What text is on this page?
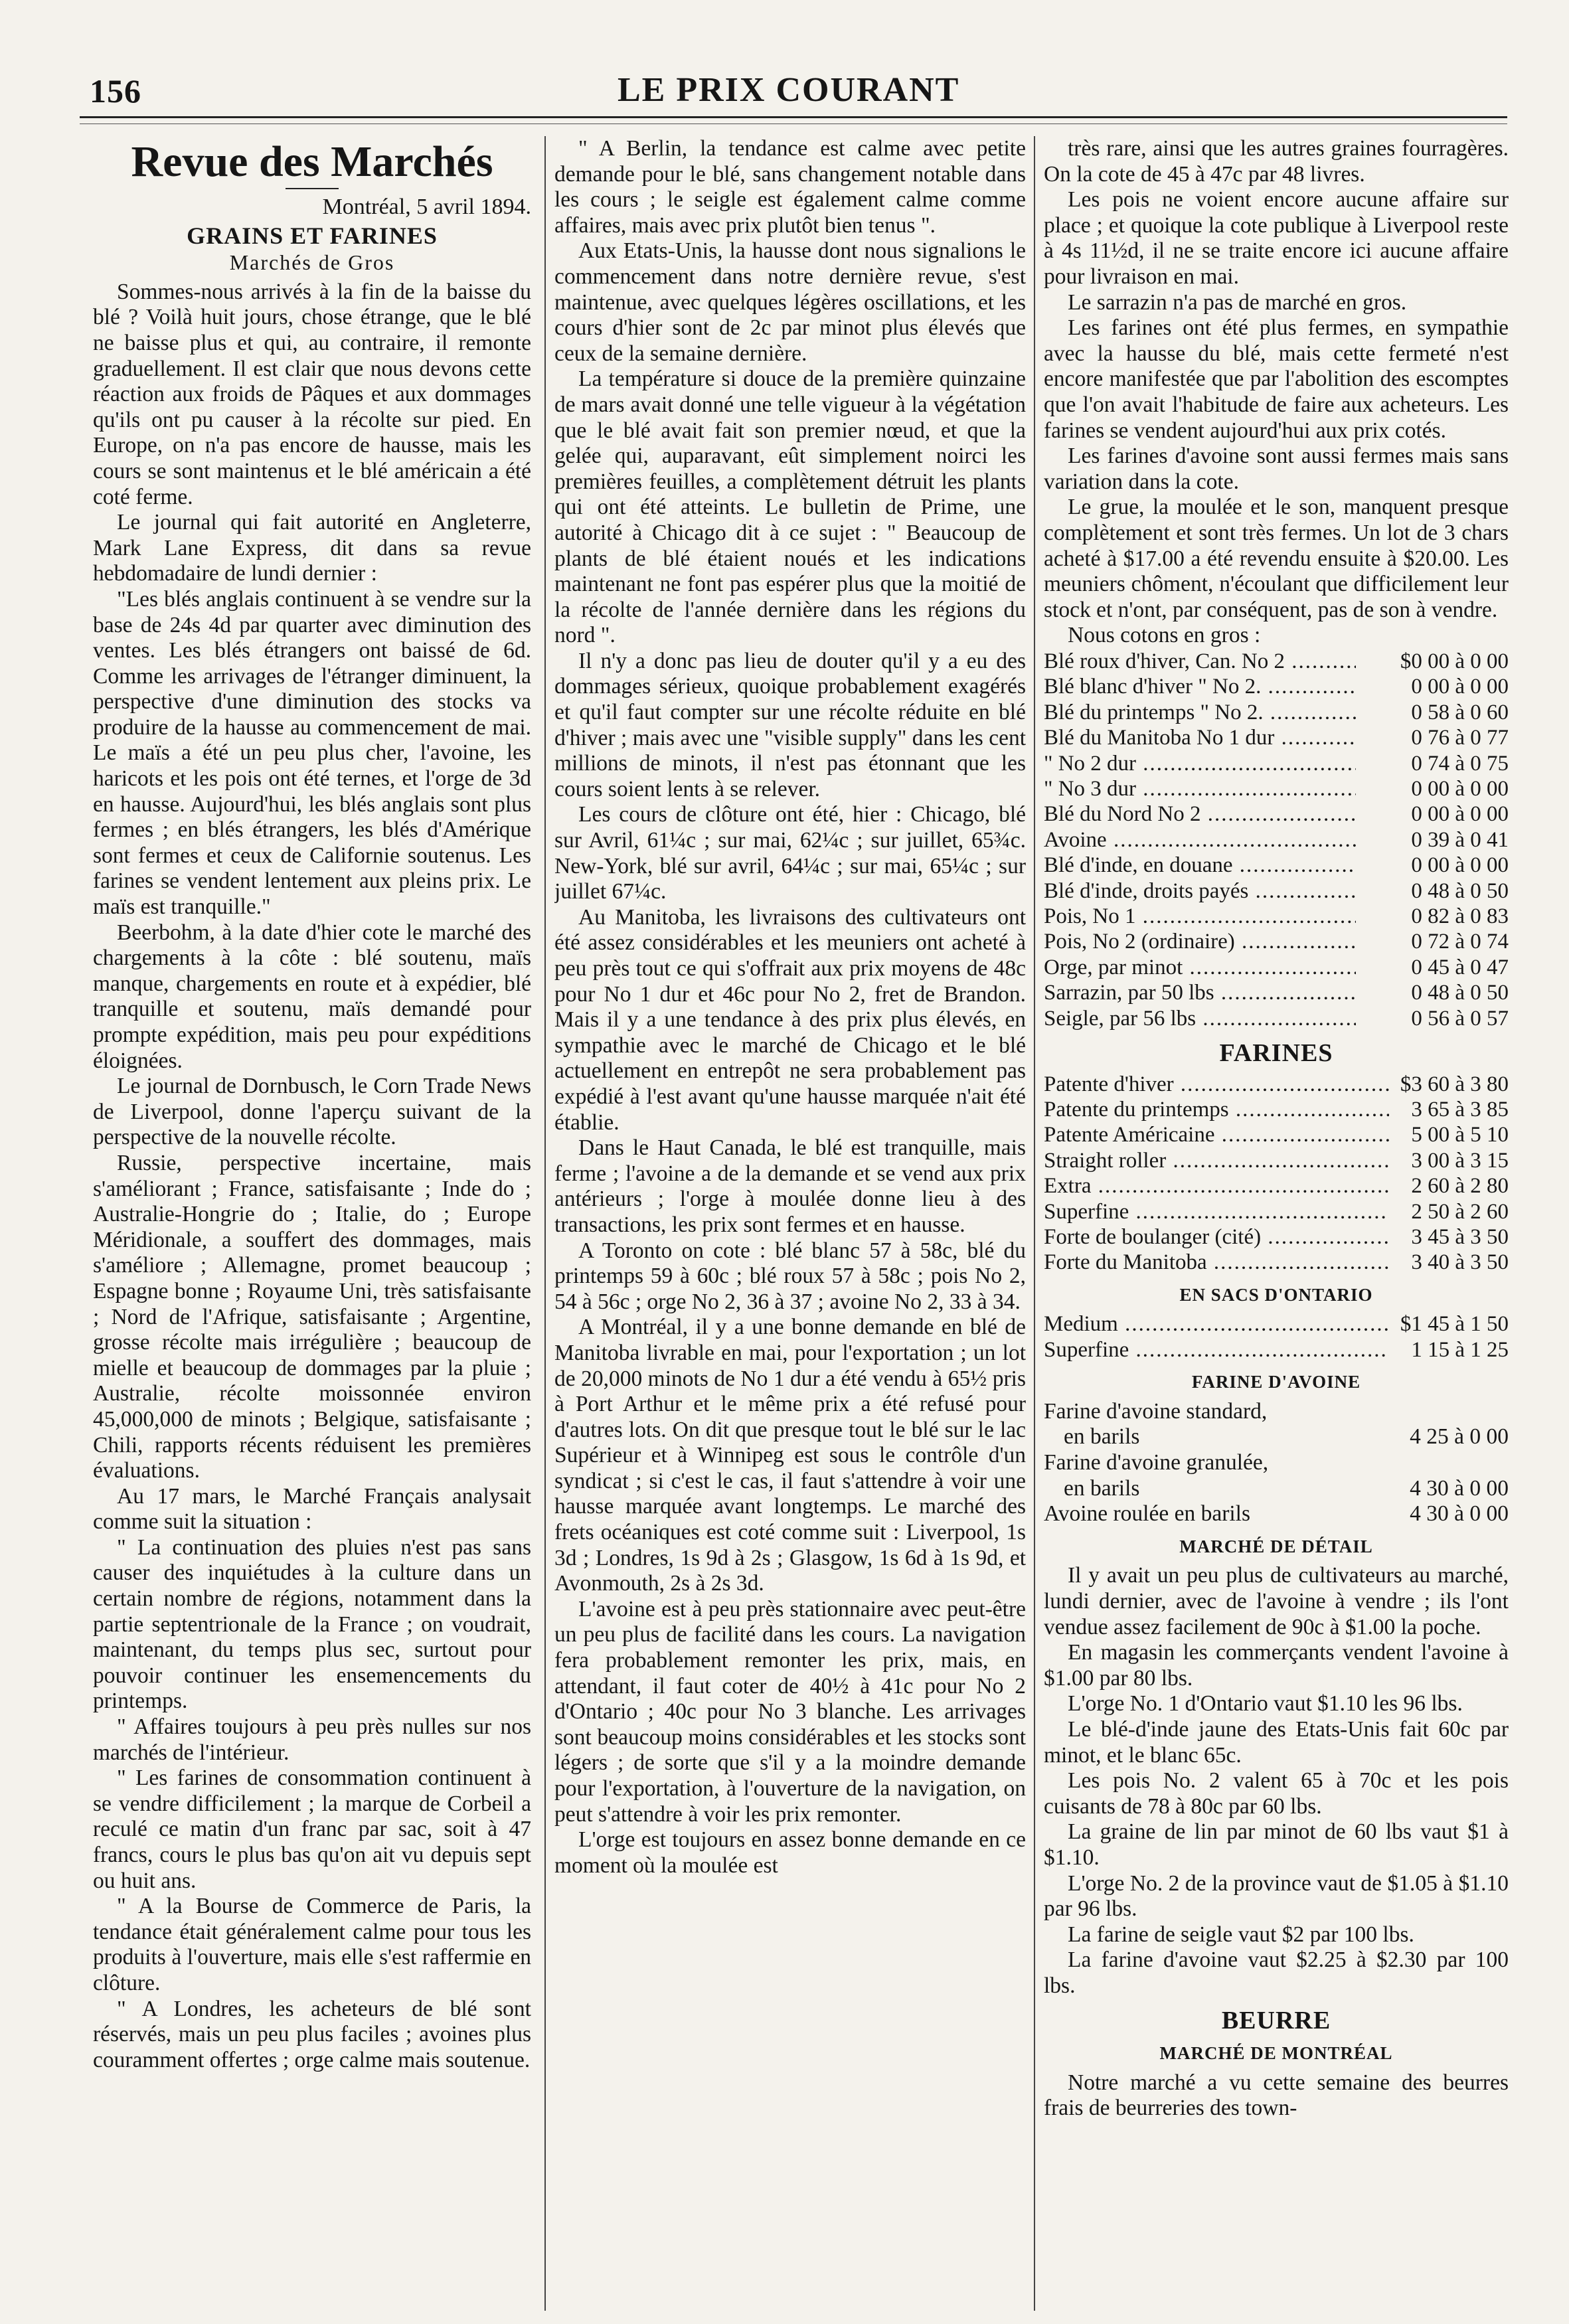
156	LE PRIX COURANT
Revue des Marchés
Montréal, 5 avril 1894.
GRAINS ET FARINES
Marchés de Gros

Sommes-nous arrivés à la fin de la baisse du blé ? Voilà huit jours, chose étrange, que le blé ne baisse plus et qui, au contraire, il remonte graduellement. Il est clair que nous devons cette réaction aux froids de Pâques et aux dommages qu'ils ont pu causer à la récolte sur pied. En Europe, on n'a pas encore de hausse, mais les cours se sont maintenus et le blé américain a été coté ferme.

Le journal qui fait autorité en Angleterre, Mark Lane Express, dit dans sa revue hebdomadaire de lundi dernier :

"Les blés anglais continuent à se vendre sur la base de 24s 4d par quarter avec diminution des ventes. Les blés étrangers ont baissé de 6d. Comme les arrivages de l'étranger diminuent, la perspective d'une diminution des stocks va produire de la hausse au commencement de mai. Le maïs a été un peu plus cher, l'avoine, les haricots et les pois ont été ternes, et l'orge de 3d en hausse. Aujourd'hui, les blés anglais sont plus fermes ; en blés étrangers, les blés d'Amérique sont fermes et ceux de Californie soutenus. Les farines se vendent lentement aux pleins prix. Le maïs est tranquille."

Beerbohm, à la date d'hier cote le marché des chargements à la côte : blé soutenu, maïs manque, chargements en route et à expédier, blé tranquille et soutenu, maïs demandé pour prompte expédition, mais peu pour expéditions éloignées.

Le journal de Dornbusch, le Corn Trade News de Liverpool, donne l'aperçu suivant de la perspective de la nouvelle récolte.

Russie, perspective incertaine, mais s'améliorant ; France, satisfaisante ; Inde do ; Australie-Hongrie do ; Italie, do ; Europe Méridionale, a souffert des dommages, mais s'améliore ; Allemagne, promet beaucoup ; Espagne bonne ; Royaume Uni, très satisfaisante ; Nord de l'Afrique, satisfaisante ; Argentine, grosse récolte mais irrégulière ; beaucoup de mielle et beaucoup de dommages par la pluie ; Australie, récolte moissonnée environ 45,000,000 de minots ; Belgique, satisfaisante ; Chili, rapports récents réduisent les premières évaluations.

Au 17 mars, le Marché Français analysait comme suit la situation :

" La continuation des pluies n'est pas sans causer des inquiétudes à la culture dans un certain nombre de régions, notamment dans la partie septentrionale de la France ; on voudrait, maintenant, du temps plus sec, surtout pour pouvoir continuer les ensemencements du printemps.

" Affaires toujours à peu près nulles sur nos marchés de l'intérieur.

" Les farines de consommation continuent à se vendre difficilement ; la marque de Corbeil a reculé ce matin d'un franc par sac, soit à 47 francs, cours le plus bas qu'on ait vu depuis sept ou huit ans.

" A la Bourse de Commerce de Paris, la tendance était généralement calme pour tous les produits à l'ouverture, mais elle s'est raffermie en clôture.

" A Londres, les acheteurs de blé sont réservés, mais un peu plus faciles ; avoines plus couramment offertes ; orge calme mais soutenue.

" A Berlin, la tendance est calme avec petite demande pour le blé, sans changement notable dans les cours ; le seigle est également calme comme affaires, mais avec prix plutôt bien tenus ".

Aux Etats-Unis, la hausse dont nous signalions le commencement dans notre dernière revue, s'est maintenue, avec quelques légères oscillations, et les cours d'hier sont de 2c par minot plus élevés que ceux de la semaine dernière.

La température si douce de la première quinzaine de mars avait donné une telle vigueur à la végétation que le blé avait fait son premier nœud, et que la gelée qui, auparavant, eût simplement noirci les premières feuilles, a complètement détruit les plants qui ont été atteints. Le bulletin de Prime, une autorité à Chicago dit à ce sujet : " Beaucoup de plants de blé étaient noués et les indications maintenant ne font pas espérer plus que la moitié de la récolte de l'année dernière dans les régions du nord ".

Il n'y a donc pas lieu de douter qu'il y a eu des dommages sérieux, quoique probablement exagérés et qu'il faut compter sur une récolte réduite en blé d'hiver ; mais avec une "visible supply" dans les cent millions de minots, il n'est pas étonnant que les cours soient lents à se relever.

Les cours de clôture ont été, hier : Chicago, blé sur Avril, 61¼c ; sur mai, 62¼c ; sur juillet, 65¾c. New-York, blé sur avril, 64¼c ; sur mai, 65¼c ; sur juillet 67¼c.

Au Manitoba, les livraisons des cultivateurs ont été assez considérables et les meuniers ont acheté à peu près tout ce qui s'offrait aux prix moyens de 48c pour No 1 dur et 46c pour No 2, fret de Brandon. Mais il y a une tendance à des prix plus élevés, en sympathie avec le marché de Chicago et le blé actuellement en entrepôt ne sera probablement pas expédié à l'est avant qu'une hausse marquée n'ait été établie.

Dans le Haut Canada, le blé est tranquille, mais ferme ; l'avoine a de la demande et se vend aux prix antérieurs ; l'orge à moulée donne lieu à des transactions, les prix sont fermes et en hausse.

A Toronto on cote : blé blanc 57 à 58c, blé du printemps 59 à 60c ; blé roux 57 à 58c ; pois No 2, 54 à 56c ; orge No 2, 36 à 37 ; avoine No 2, 33 à 34.

A Montréal, il y a une bonne demande en blé de Manitoba livrable en mai, pour l'exportation ; un lot de 20,000 minots de No 1 dur a été vendu à 65½ pris à Port Arthur et le même prix a été refusé pour d'autres lots. On dit que presque tout le blé sur le lac Supérieur et à Winnipeg est sous le contrôle d'un syndicat ; si c'est le cas, il faut s'attendre à voir une hausse marquée avant longtemps. Le marché des frets océaniques est coté comme suit : Liverpool, 1s 3d ; Londres, 1s 9d à 2s ; Glasgow, 1s 6d à 1s 9d, et Avonmouth, 2s à 2s 3d.

L'avoine est à peu près stationnaire avec peut-être un peu plus de facilité dans les cours. La navigation fera probablement remonter les prix, mais, en attendant, il faut coter de 40½ à 41c pour No 2 d'Ontario ; 40c pour No 3 blanche. Les arrivages sont beaucoup moins considérables et les stocks sont légers ; de sorte que s'il y a la moindre demande pour l'exportation, à l'ouverture de la navigation, on peut s'attendre à voir les prix remonter.

L'orge est toujours en assez bonne demande en ce moment où la moulée est

très rare, ainsi que les autres graines fourragères. On la cote de 45 à 47c par 48 livres.

Les pois ne voient encore aucune affaire sur place ; et quoique la cote publique à Liverpool reste à 4s 11½d, il ne se traite encore ici aucune affaire pour livraison en mai.

Le sarrazin n'a pas de marché en gros.

Les farines ont été plus fermes, en sympathie avec la hausse du blé, mais cette fermeté n'est encore manifestée que par l'abolition des escomptes que l'on avait l'habitude de faire aux acheteurs. Les farines se vendent aujourd'hui aux prix cotés.

Les farines d'avoine sont aussi fermes mais sans variation dans la cote.

Le grue, la moulée et le son, manquent presque complètement et sont très fermes. Un lot de 3 chars acheté à $17.00 a été revendu ensuite à $20.00. Les meuniers chôment, n'écoulant que difficilement leur stock et n'ont, par conséquent, pas de son à vendre.

Nous cotons en gros :

Blé roux d'hiver, Can. No 2 .....	$0 00 à 0 00
Blé blanc d'hiver " No 2. .....	0 00 à 0 00
Blé du printemps " No 2. .....	0 58 à 0 60
Blé du Manitoba No 1 dur .....	0 76 à 0 77
" No 2 dur .....	0 74 à 0 75
" No 3 dur .....	0 00 à 0 00
Blé du Nord No 2 .....	0 00 à 0 00
Avoine .....	0 39 à 0 41
Blé d'inde, en douane .....	0 00 à 0 00
Blé d'inde, droits payés .....	0 48 à 0 50
Pois, No 1 .....	0 82 à 0 83
Pois, No 2 (ordinaire) .....	0 72 à 0 74
Orge, par minot .....	0 45 à 0 47
Sarrazin, par 50 lbs .....	0 48 à 0 50
Seigle, par 56 lbs .....	0 56 à 0 57
FARINES
Patente d'hiver .....	$3 60 à 3 80
Patente du printemps .....	3 65 à 3 85
Patente Américaine .....	5 00 à 5 10
Straight roller .....	3 00 à 3 15
Extra .....	2 60 à 2 80
Superfine .....	2 50 à 2 60
Forte de boulanger (cité) .....	3 45 à 3 50
Forte du Manitoba .....	3 40 à 3 50
EN SACS D'ONTARIO
Medium .....	$1 45 à 1 50
Superfine .....	1 15 à 1 25
FARINE D'AVOINE
Farine d'avoine standard,
en barils	4 25 à 0 00
Farine d'avoine granulée,
en barils	4 30 à 0 00
Avoine roulée en barils	4 30 à 0 00
MARCHÉ DE DÉTAIL

Il y avait un peu plus de cultivateurs au marché, lundi dernier, avec de l'avoine à vendre ; ils l'ont vendue assez facilement de 90c à $1.00 la poche.

En magasin les commerçants vendent l'avoine à $1.00 par 80 lbs.

L'orge No. 1 d'Ontario vaut $1.10 les 96 lbs.

Le blé-d'inde jaune des Etats-Unis fait 60c par minot, et le blanc 65c.

Les pois No. 2 valent 65 à 70c et les pois cuisants de 78 à 80c par 60 lbs.

La graine de lin par minot de 60 lbs vaut $1 à $1.10.

L'orge No. 2 de la province vaut de $1.05 à $1.10 par 96 lbs.

La farine de seigle vaut $2 par 100 lbs.

La farine d'avoine vaut $2.25 à $2.30 par 100 lbs.

BEURRE
MARCHÉ DE MONTRÉAL

Notre marché a vu cette semaine des beurres frais de beurreries des town-
